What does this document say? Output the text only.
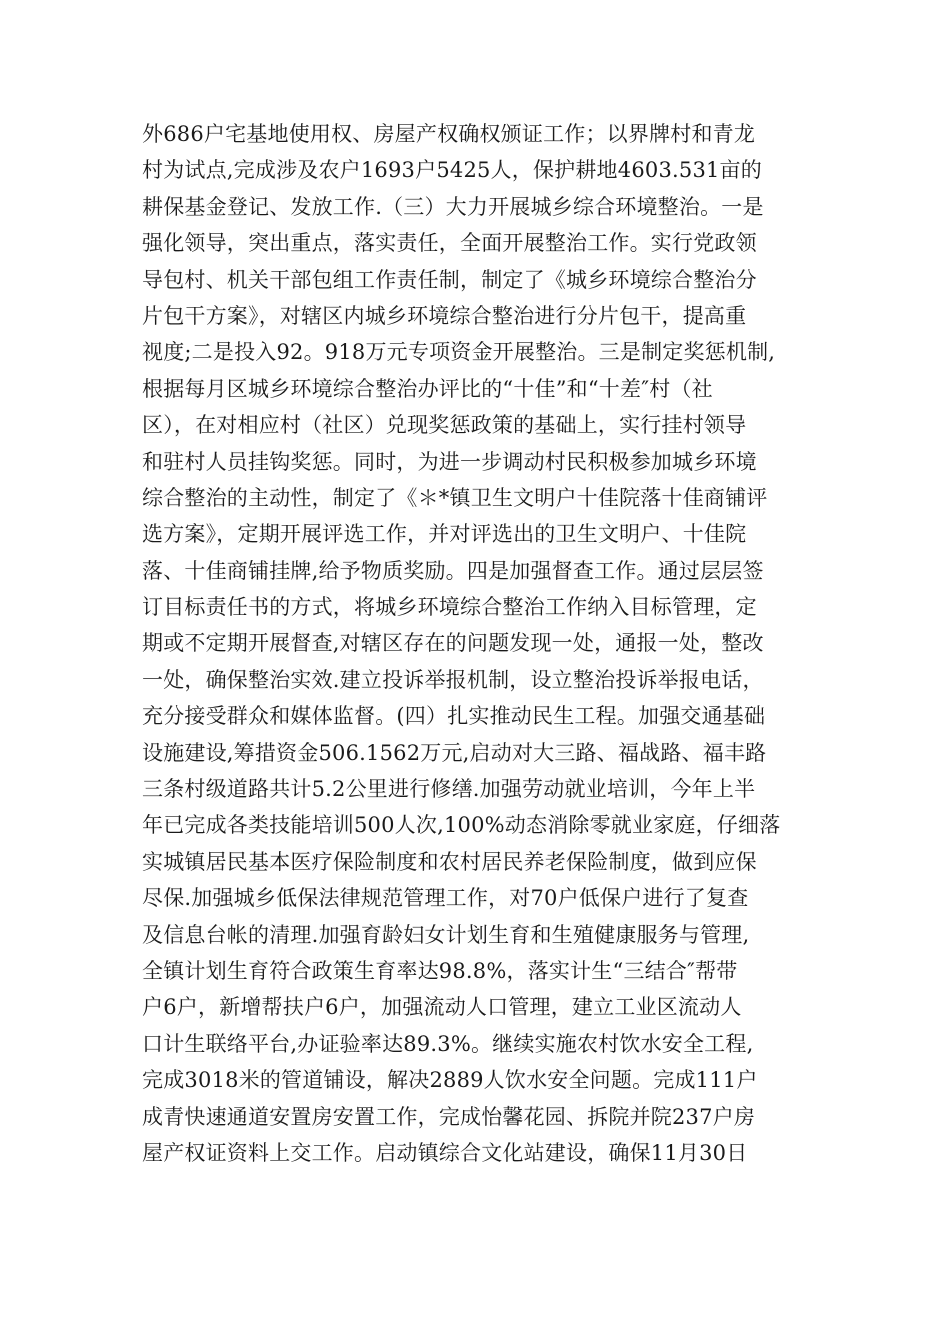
外686户宅基地使用权、房屋产权确权颁证工作；以界牌村和青龙
村为试点,完成涉及农户1693户5425人，保护耕地4603.531亩的
耕保基金登记、发放工作.（三）大力开展城乡综合环境整治。一是
强化领导，突出重点，落实责任，全面开展整治工作。实行党政领
导包村、机关干部包组工作责任制，制定了《城乡环境综合整治分
片包干方案》，对辖区内城乡环境综合整治进行分片包干，提高重
视度;二是投入92。918万元专项资金开展整治。三是制定奖惩机制,
根据每月区城乡环境综合整治办评比的“十佳”和“十差″村（社
区），在对相应村（社区）兑现奖惩政策的基础上，实行挂村领导
和驻村人员挂钩奖惩。同时，为进一步调动村民积极参加城乡环境
综合整治的主动性，制定了《＊*镇卫生文明户十佳院落十佳商铺评
选方案》，定期开展评选工作，并对评选出的卫生文明户、十佳院
落、十佳商铺挂牌,给予物质奖励。四是加强督查工作。通过层层签
订目标责任书的方式，将城乡环境综合整治工作纳入目标管理，定
期或不定期开展督查,对辖区存在的问题发现一处，通报一处，整改
一处，确保整治实效.建立投诉举报机制，设立整治投诉举报电话，
充分接受群众和媒体监督。(四）扎实推动民生工程。加强交通基础
设施建设,筹措资金506.1562万元,启动对大三路、福战路、福丰路
三条村级道路共计5.2公里进行修缮.加强劳动就业培训，今年上半
年已完成各类技能培训500人次,100%动态消除零就业家庭，仔细落
实城镇居民基本医疗保险制度和农村居民养老保险制度，做到应保
尽保.加强城乡低保法律规范管理工作，对70户低保户进行了复查
及信息台帐的清理.加强育龄妇女计划生育和生殖健康服务与管理,
全镇计划生育符合政策生育率达98.8%，落实计生“三结合″帮带
户6户，新增帮扶户6户，加强流动人口管理，建立工业区流动人
口计生联络平台,办证验率达89.3%。继续实施农村饮水安全工程,
完成3018米的管道铺设，解决2889人饮水安全问题。完成111户
成青快速通道安置房安置工作，完成怡馨花园、拆院并院237户房
屋产权证资料上交工作。启动镇综合文化站建设，确保11月30日
